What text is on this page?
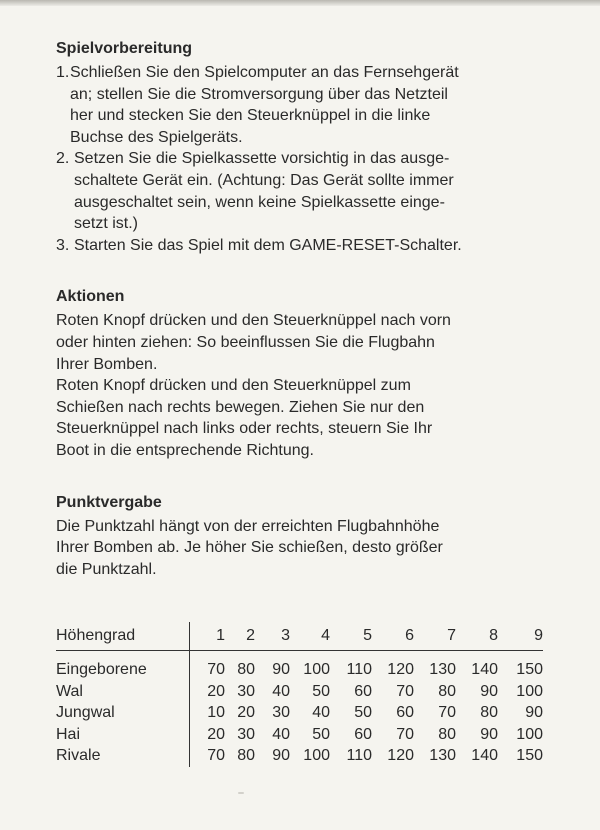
Spielvorbereitung
1. Schließen Sie den Spielcomputer an das Fernsehgerät
an; stellen Sie die Stromversorgung über das Netzteil
her und stecken Sie den Steuerknüppel in die linke
Buchse des Spielgeräts.
2. Setzen Sie die Spielkassette vorsichtig in das ausge-
schaltete Gerät ein. (Achtung: Das Gerät sollte immer
ausgeschaltet sein, wenn keine Spielkassette einge-
setzt ist.)
3. Starten Sie das Spiel mit dem GAME-RESET-Schalter.
Aktionen

Roten Knopf drücken und den Steuerknüppel nach vorn
oder hinten ziehen: So beeinflussen Sie die Flugbahn
Ihrer Bomben.
Roten Knopf drücken und den Steuerknüppel zum
Schießen nach rechts bewegen. Ziehen Sie nur den
Steuerknüppel nach links oder rechts, steuern Sie Ihr
Boot in die entsprechende Richtung.

Punktvergabe

Die Punktzahl hängt von der erreichten Flugbahnhöhe
Ihrer Bomben ab. Je höher Sie schießen, desto größer
die Punktzahl.

Höhengrad	1	2	3	4	5	6	7	8	9

Eingeborene	70	80	90	100	110	120	130	140	150
Wal	20	30	40	50	60	70	80	90	100
Jungwal	10	20	30	40	50	60	70	80	90
Hai	20	30	40	50	60	70	80	90	100
Rivale	70	80	90	100	110	120	130	140	150
